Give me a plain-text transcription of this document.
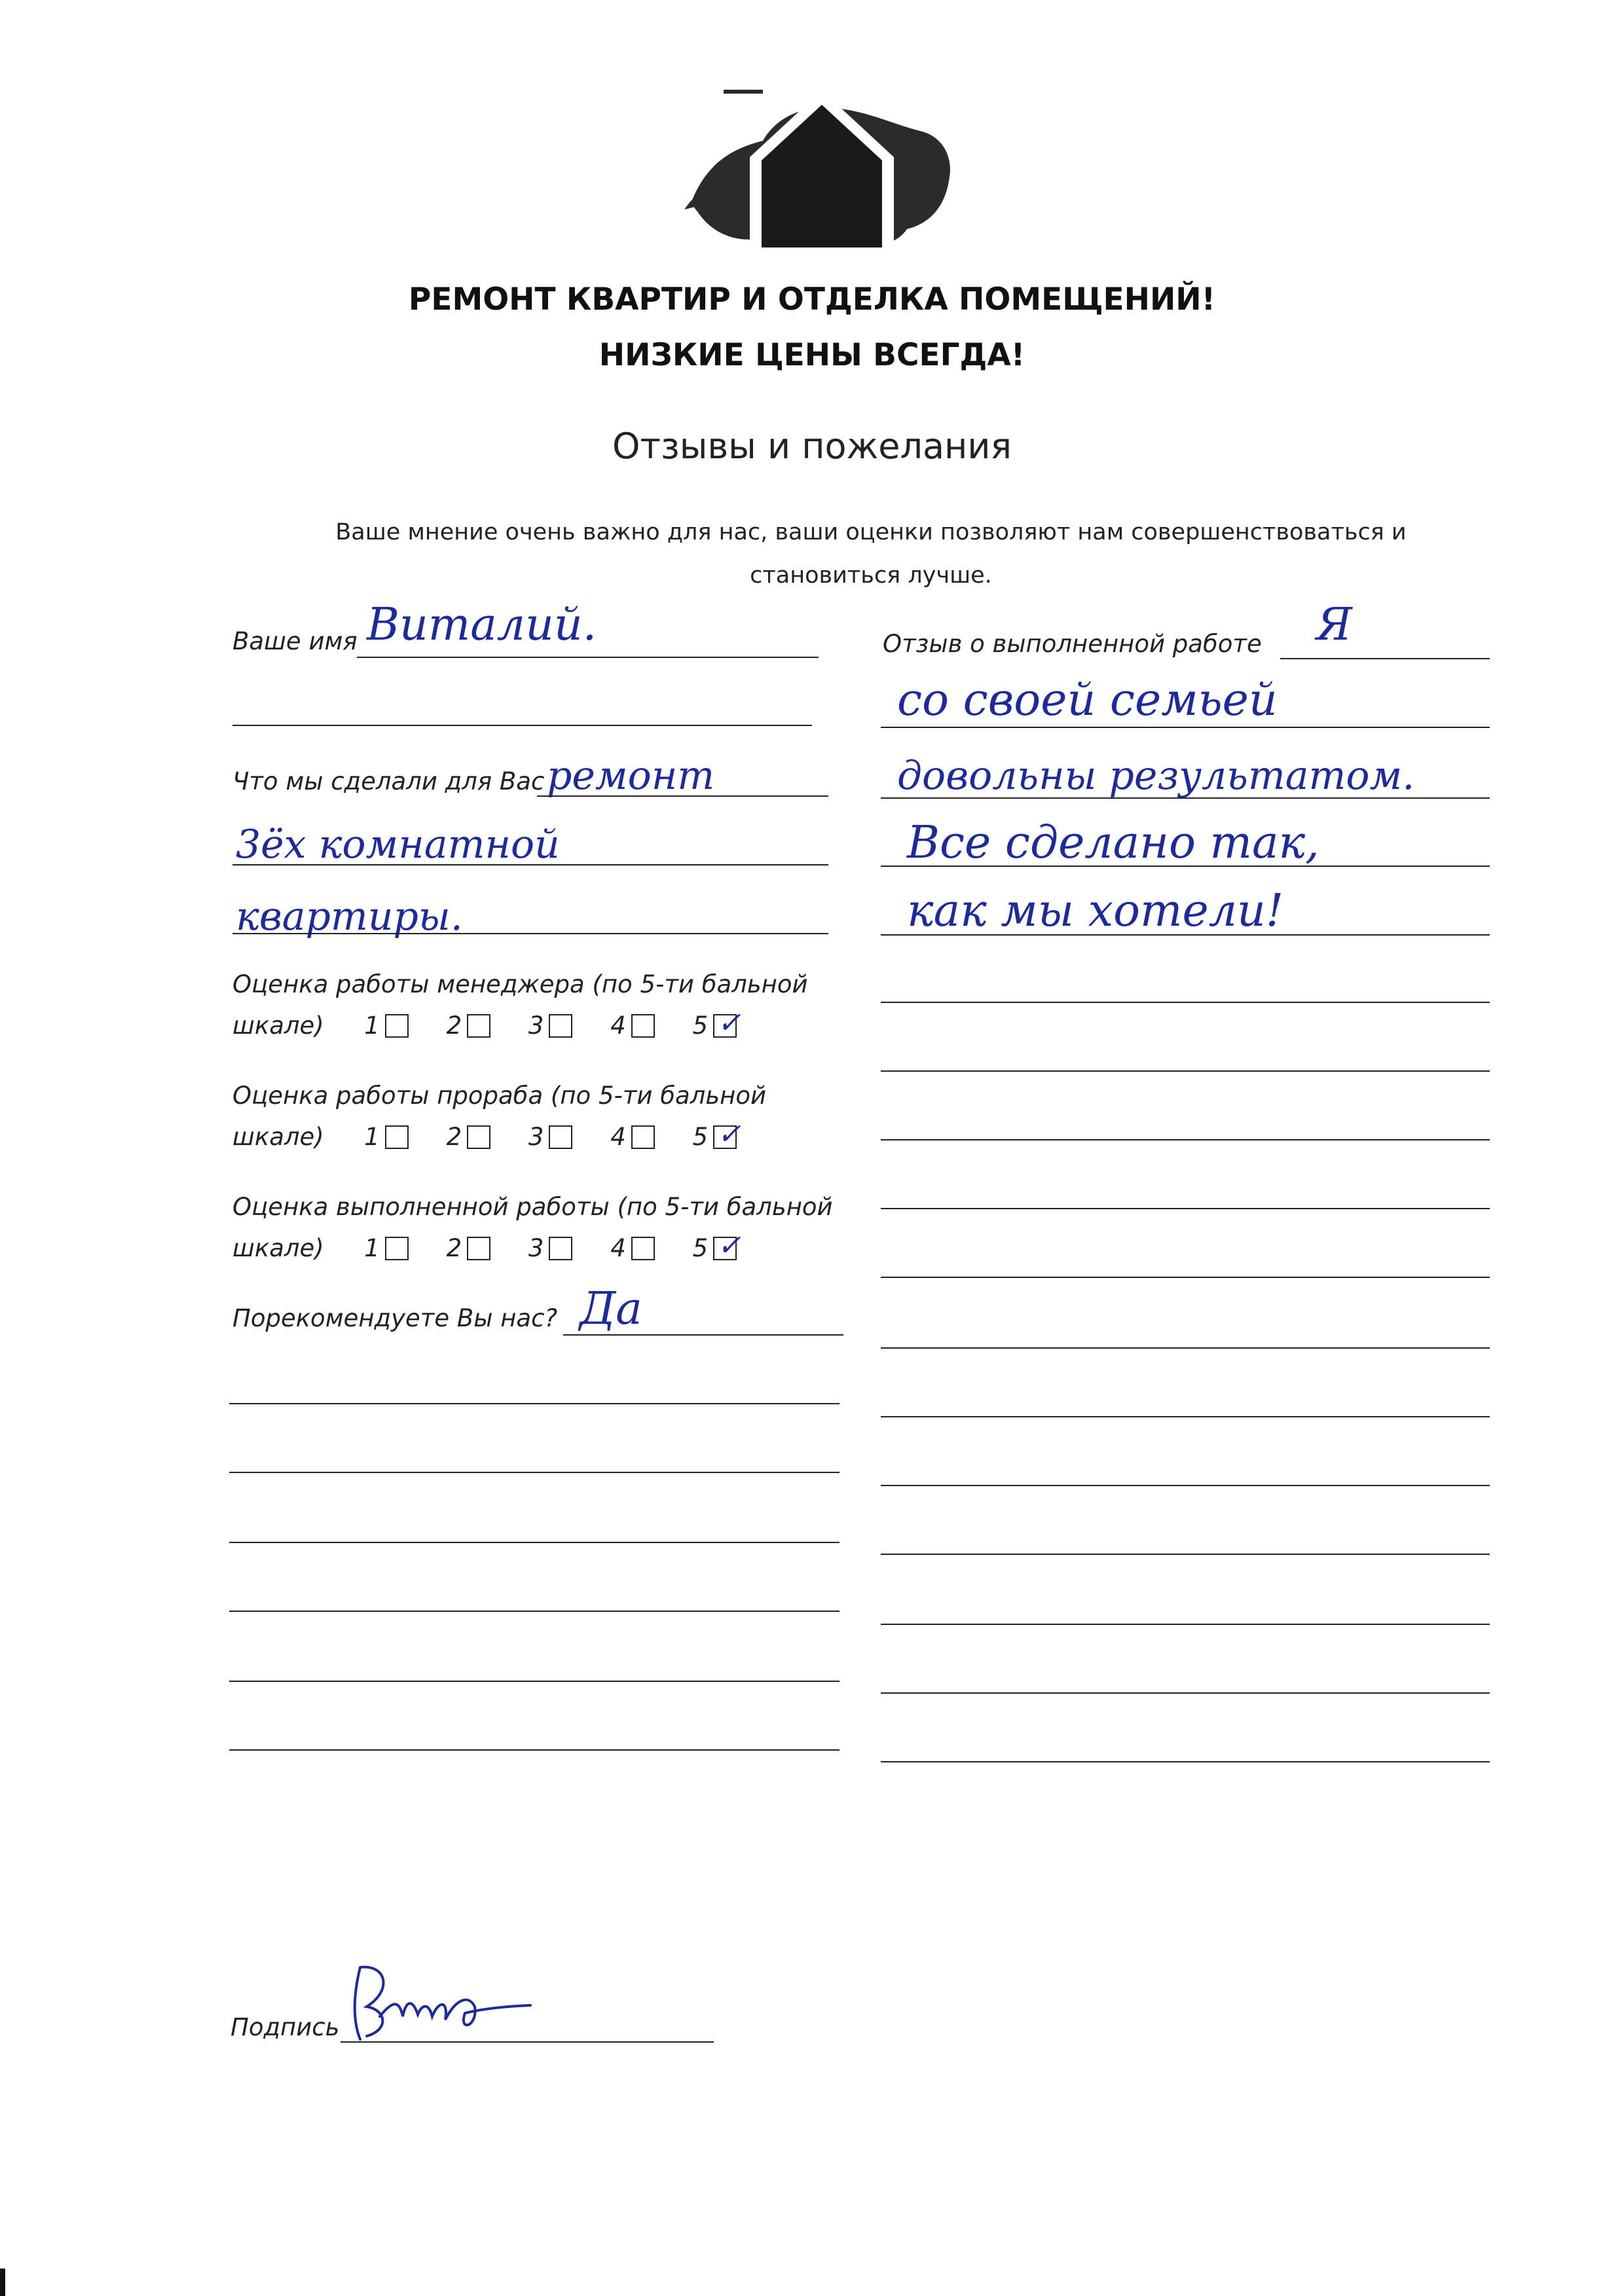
РЕМОНТ КВАРТИР И ОТДЕЛКА ПОМЕЩЕНИЙ!
НИЗКИЕ ЦЕНЫ ВСЕГДА!
Отзывы и пожелания
Ваше мнение очень важно для нас, ваши оценки позволяют нам совершенствоваться и становиться лучше.
Ваше имя Виталий.
Что мы сделали для Вас ремонт
3ёх комнатной
квартиры.
Оценка работы менеджера (по 5-ти бальной
шкале) 1	2	3	4	5 ✓
Оценка работы прораба (по 5-ти бальной
шкале) 1	2	3	4	5 ✓
Оценка выполненной работы (по 5-ти бальной
шкале) 1	2	3	4	5 ✓
Порекомендуете Вы нас? Да
Отзыв о выполненной работе Я
со своей семьей
довольны результатом.
Все сделано так,
как мы хотели!
Подпись
